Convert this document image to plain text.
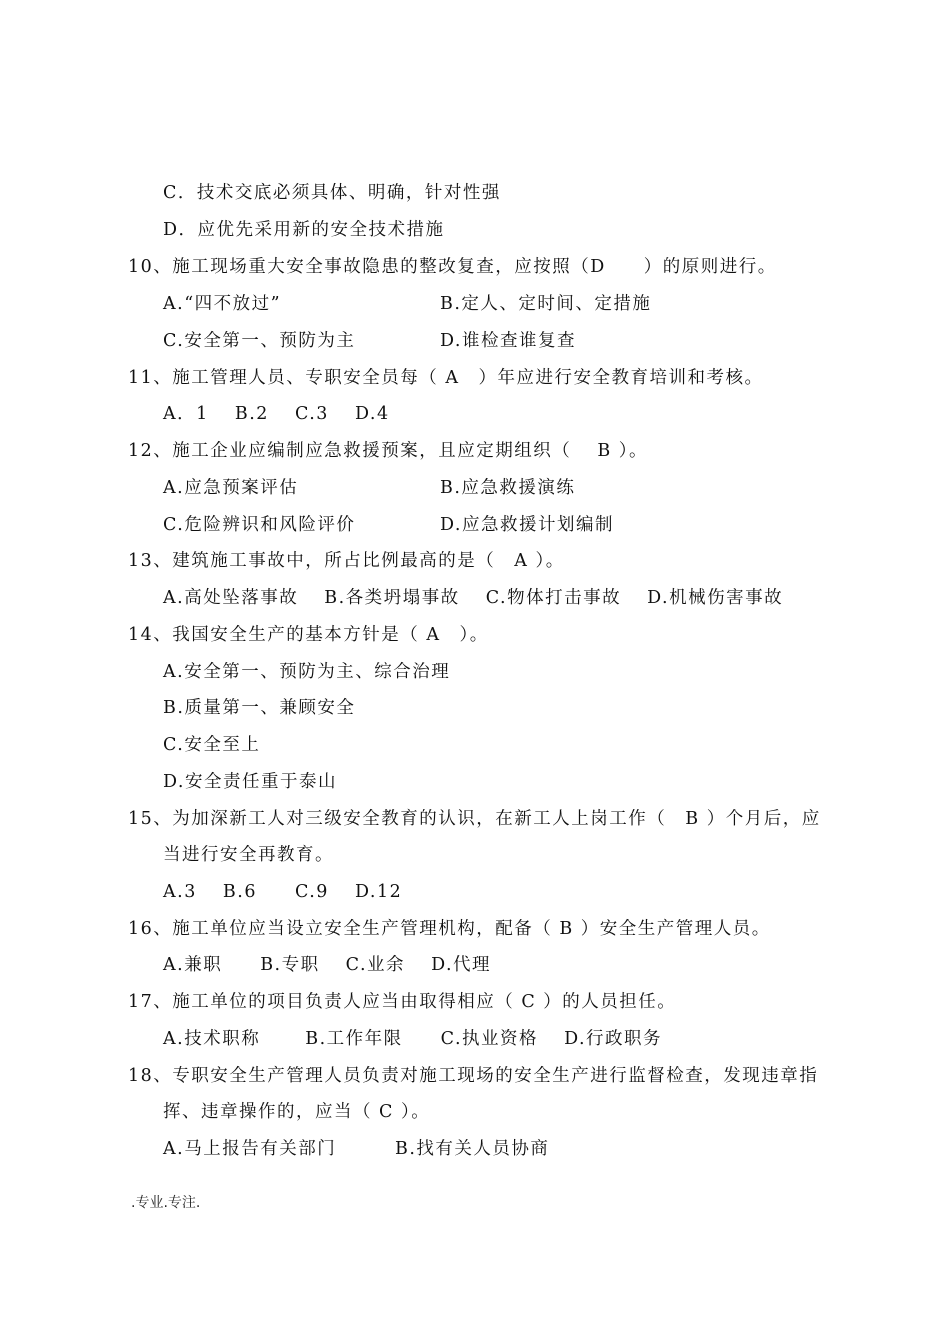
C．技术交底必须具体、明确，针对性强
D．应优先采用新的安全技术措施
10、施工现场重大安全事故隐患的整改复查，应按照（D　　）的原则进行。
A.“四不放过”	B.定人、定时间、定措施
C.安全第一、预防为主	D.谁检查谁复查
11、施工管理人员、专职安全员每（ A　）年应进行安全教育培训和考核。
A．1　 B.2　 C.3　 D.4
12、施工企业应编制应急救援预案，且应定期组织（　 B ）。
A.应急预案评估	B.应急救援演练
C.危险辨识和风险评价	D.应急救援计划编制
13、建筑施工事故中，所占比例最高的是（　A ）。
A.高处坠落事故　 B.各类坍塌事故　 C.物体打击事故　 D.机械伤害事故
14、我国安全生产的基本方针是（ A　）。
A.安全第一、预防为主、综合治理
B.质量第一、兼顾安全
C.安全至上
D.安全责任重于泰山
15、为加深新工人对三级安全教育的认识，在新工人上岗工作（　B ）个月后，应
当进行安全再教育。
A.3　 B.6　　C.9　 D.12
16、施工单位应当设立安全生产管理机构，配备（ B ）安全生产管理人员。
A.兼职　　B.专职　 C.业余　 D.代理
17、施工单位的项目负责人应当由取得相应（ C ）的人员担任。
A.技术职称　　 B.工作年限　　C.执业资格　 D.行政职务
18、专职安全生产管理人员负责对施工现场的安全生产进行监督检查，发现违章指
挥、违章操作的，应当（ C ）。
A.马上报告有关部门	B.找有关人员协商
.专业.专注.
